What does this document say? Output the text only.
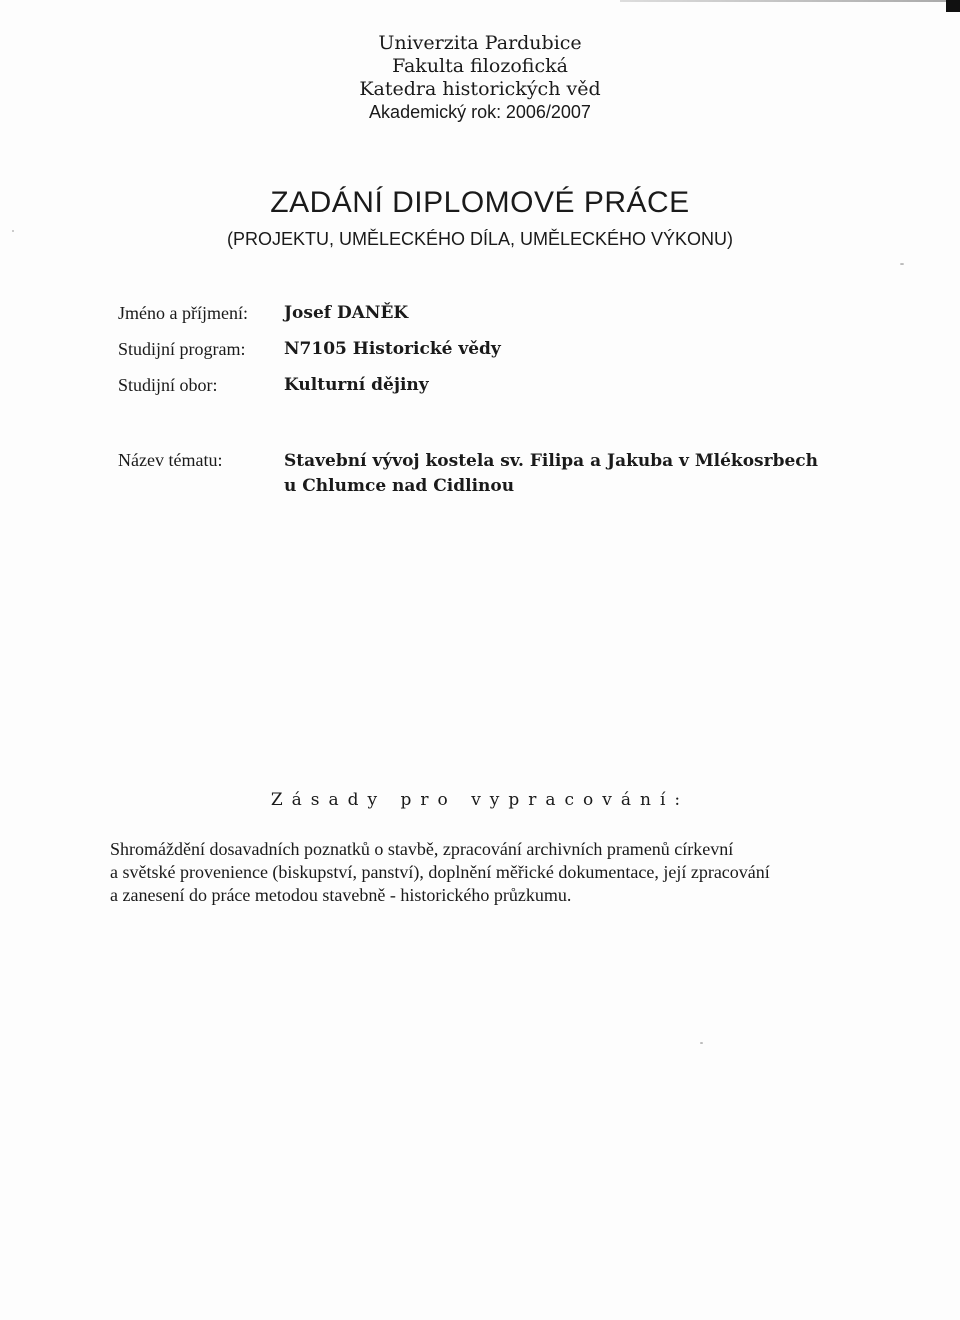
Univerzita Pardubice
Fakulta filozofická
Katedra historických věd
Akademický rok: 2006/2007
ZADÁNÍ DIPLOMOVÉ PRÁCE
(PROJEKTU, UMĚLECKÉHO DÍLA, UMĚLECKÉHO VÝKONU)
Jméno a příjmení: Josef DANĚK
Studijní program: N7105 Historické vědy
Studijní obor:	Kulturní dějiny
Název tématu:	Stavební vývoj kostela sv. Filipa a Jakuba v Mlékosrbech
u Chlumce nad Cidlinou
Zásady pro vypracování:
Shromáždění dosavadních poznatků o stavbě, zpracování archivních pramenů církevní
a světské provenience (biskupství, panství), doplnění měřické dokumentace, její zpracování
a zanesení do práce metodou stavebně - historického průzkumu.
